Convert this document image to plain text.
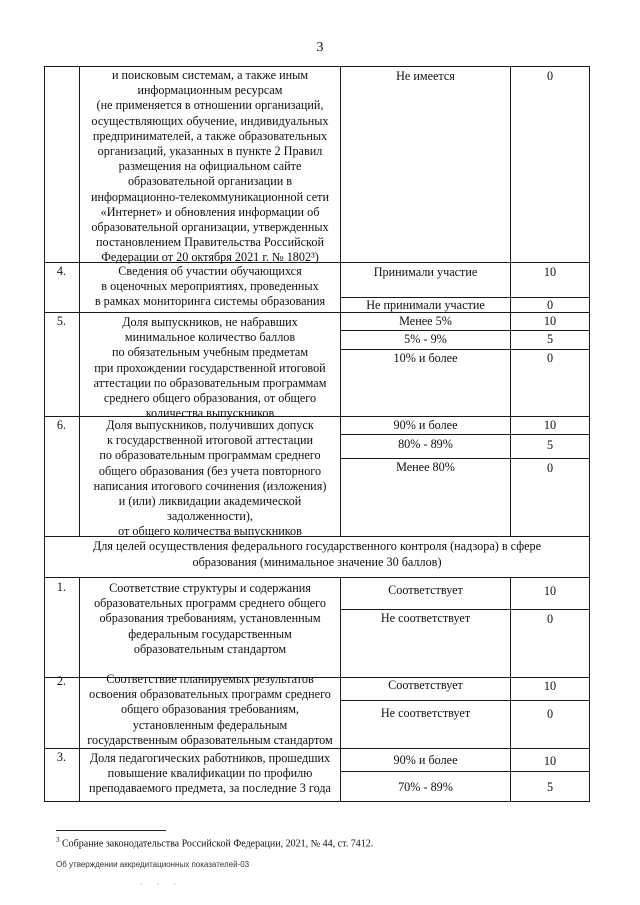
3
и поисковым системам, а также иным
информационным ресурсам
(не применяется в отношении организаций,
осуществляющих обучение, индивидуальных
предпринимателей, а также образовательных
организаций, указанных в пункте 2 Правил
размещения на официальном сайте
образовательной организации в
информационно-телекоммуникационной сети
«Интернет» и обновления информации об
образовательной организации, утвержденных
постановлением Правительства Российской
Федерации от 20 октября 2021 г. № 1802³)
Не имеется	0
4.	Сведения об участии обучающихся
в оценочных мероприятиях, проведенных
в рамках мониторинга системы образования
Принимали участие	10
Не принимали участие	0
5.	Доля выпускников, не набравших
минимальное количество баллов
по обязательным учебным предметам
при прохождении государственной итоговой
аттестации по образовательным программам
среднего общего образования, от общего
количества выпускников
Менее 5%	10
5% - 9%	5
10% и более	0
6.	Доля выпускников, получивших допуск
к государственной итоговой аттестации
по образовательным программам среднего
общего образования (без учета повторного
написания итогового сочинения (изложения)
и (или) ликвидации академической
задолженности),
от общего количества выпускников
90% и более	10
80% - 89%	5
Менее 80%	0
Для целей осуществления федерального государственного контроля (надзора) в сфере
образования (минимальное значение 30 баллов)
1.	Соответствие структуры и содержания
образовательных программ среднего общего
образования требованиям, установленным
федеральным государственным
образовательным стандартом
Соответствует	10
Не соответствует	0
2.	Соответствие планируемых результатов
освоения образовательных программ среднего
общего образования требованиям,
установленным федеральным
государственным образовательным стандартом
Соответствует	10
Не соответствует	0
3.	Доля педагогических работников, прошедших
повышение квалификации по профилю
преподаваемого предмета, за последние 3 года
90% и более	10
70% - 89%	5
$^3$ Собрание законодательства Российской Федерации, 2021, № 44, ст. 7412.
Об утверждении аккредитационных показателей-03
· · ·
